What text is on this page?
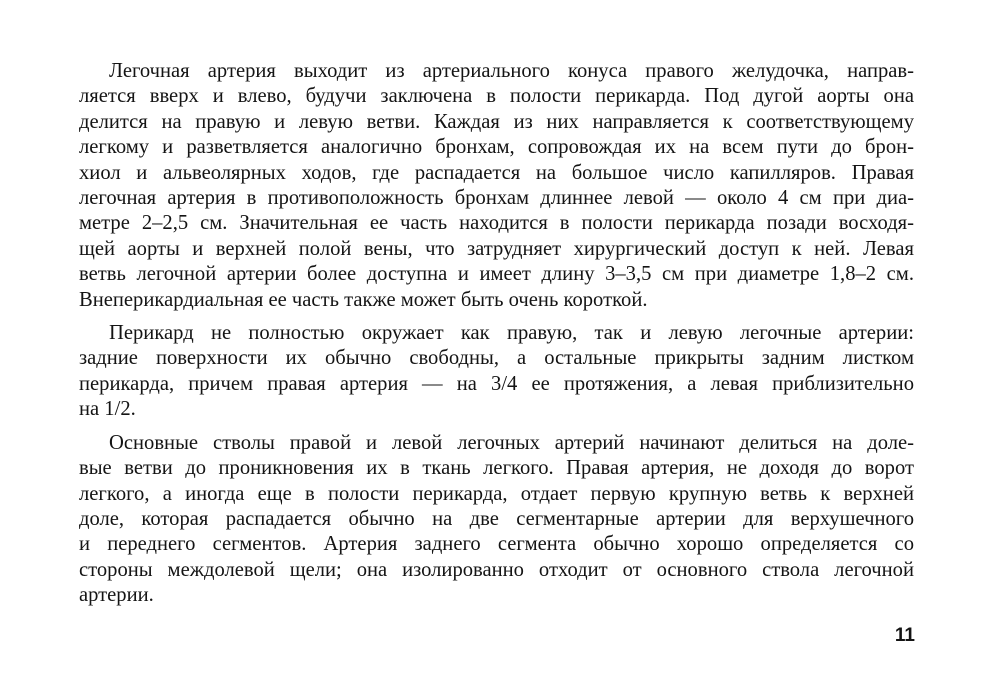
Легочная артерия выходит из артериального конуса правого желудочка, направ-
ляется вверх и влево, будучи заключена в полости перикарда. Под дугой аорты она
делится на правую и левую ветви. Каждая из них направляется к соответствующему
легкому и разветвляется аналогично бронхам, сопровождая их на всем пути до брон-
хиол и альвеолярных ходов, где распадается на большое число капилляров. Правая
легочная артерия в противоположность бронхам длиннее левой — около 4 см при диа-
метре 2–2,5 см. Значительная ее часть находится в полости перикарда позади восходя-
щей аорты и верхней полой вены, что затрудняет хирургический доступ к ней. Левая
ветвь легочной артерии более доступна и имеет длину 3–3,5 см при диаметре 1,8–2 см.
Внеперикардиальная ее часть также может быть очень короткой.

Перикард не полностью окружает как правую, так и левую легочные артерии:
задние поверхности их обычно свободны, а остальные прикрыты задним листком
перикарда, причем правая артерия — на 3/4 ее протяжения, а левая приблизительно
на 1/2.

Основные стволы правой и левой легочных артерий начинают делиться на доле-
вые ветви до проникновения их в ткань легкого. Правая артерия, не доходя до ворот
легкого, а иногда еще в полости перикарда, отдает первую крупную ветвь к верхней
доле, которая распадается обычно на две сегментарные артерии для верхушечного
и переднего сегментов. Артерия заднего сегмента обычно хорошо определяется со
стороны междолевой щели; она изолированно отходит от основного ствола легочной
артерии.

11
